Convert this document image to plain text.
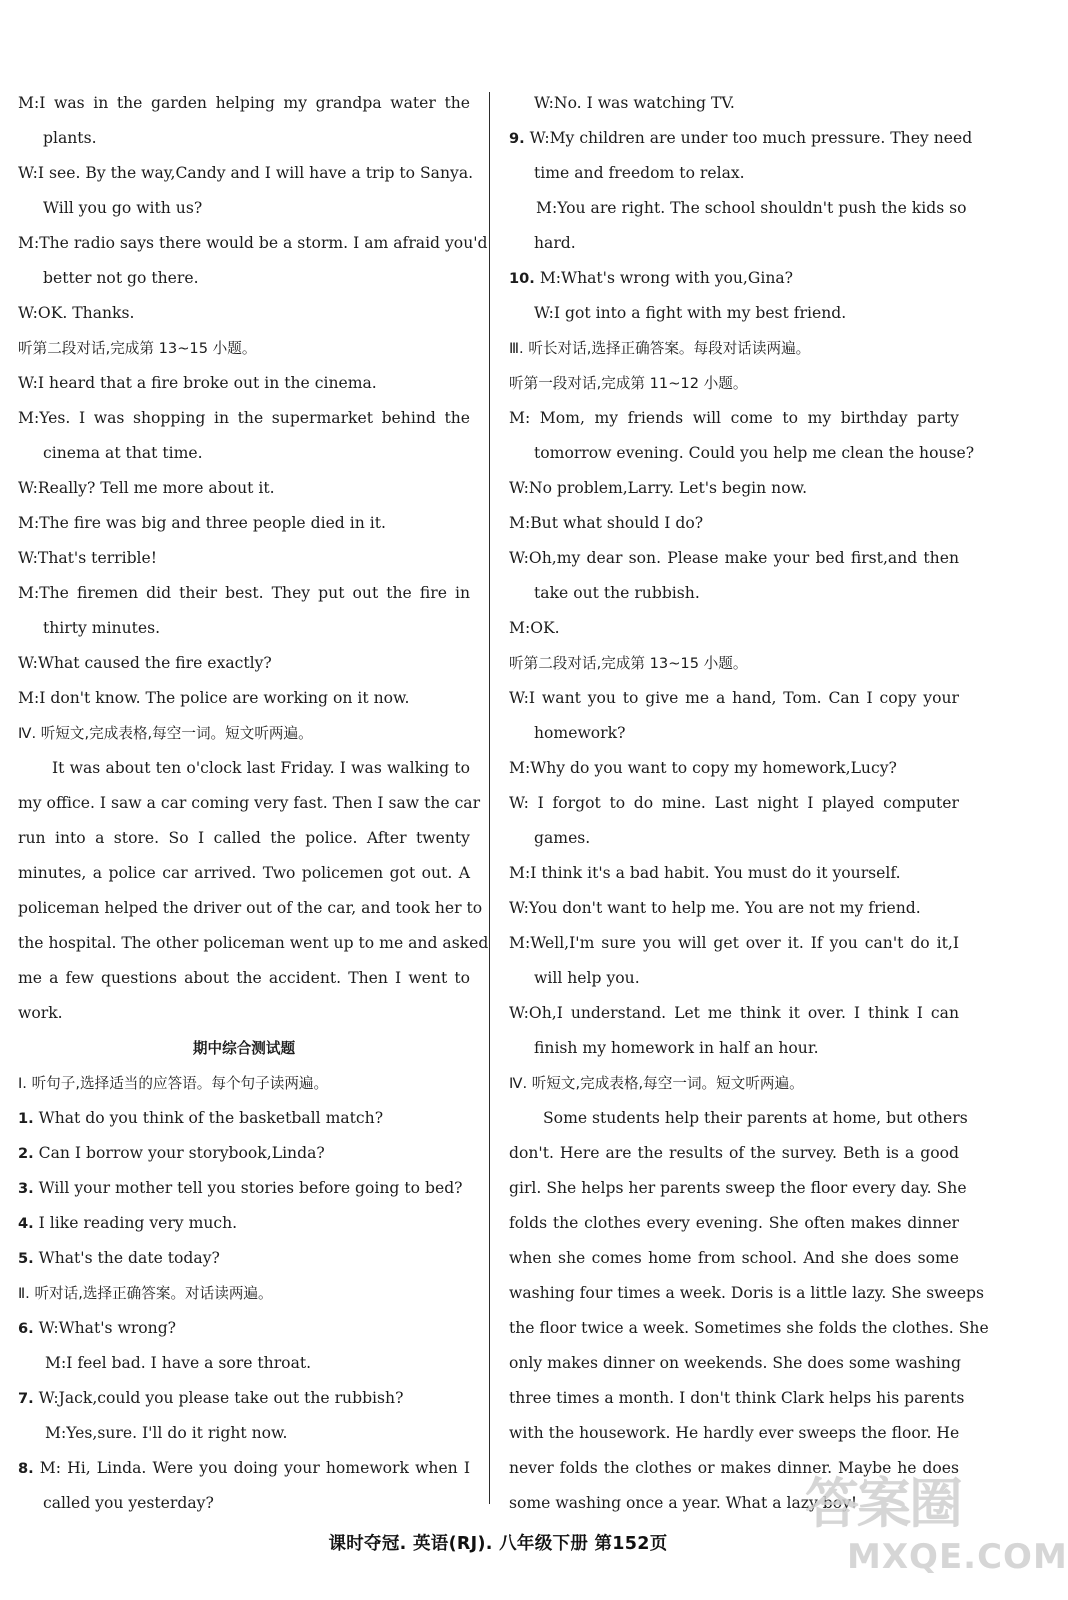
M:I was in the garden helping my grandpa water the
plants.
W:I see. By the way,Candy and I will have a trip to Sanya.
Will you go with us?
M:The radio says there would be a storm. I am afraid you'd
better not go there.
W:OK. Thanks.
听第二段对话,完成第 13~15 小题。
W:I heard that a fire broke out in the cinema.
M:Yes. I was shopping in the supermarket behind the
cinema at that time.
W:Really? Tell me more about it.
M:The fire was big and three people died in it.
W:That's terrible!
M:The firemen did their best. They put out the fire in
thirty minutes.
W:What caused the fire exactly?
M:I don't know. The police are working on it now.
Ⅳ. 听短文,完成表格,每空一词。短文听两遍。
It was about ten o'clock last Friday. I was walking to
my office. I saw a car coming very fast. Then I saw the car
run into a store. So I called the police. After twenty
minutes, a police car arrived. Two policemen got out. A
policeman helped the driver out of the car, and took her to
the hospital. The other policeman went up to me and asked
me a few questions about the accident. Then I went to
work.
期中综合测试题
Ⅰ. 听句子,选择适当的应答语。每个句子读两遍。
1. What do you think of the basketball match?
2. Can I borrow your storybook,Linda?
3. Will your mother tell you stories before going to bed?
4. I like reading very much.
5. What's the date today?
Ⅱ. 听对话,选择正确答案。对话读两遍。
6. W:What's wrong?
M:I feel bad. I have a sore throat.
7. W:Jack,could you please take out the rubbish?
M:Yes,sure. I'll do it right now.
8. M: Hi, Linda. Were you doing your homework when I
called you yesterday?
W:No. I was watching TV.
9. W:My children are under too much pressure. They need
time and freedom to relax.
M:You are right. The school shouldn't push the kids so
hard.
10. M:What's wrong with you,Gina?
W:I got into a fight with my best friend.
Ⅲ. 听长对话,选择正确答案。每段对话读两遍。
听第一段对话,完成第 11~12 小题。
M: Mom, my friends will come to my birthday party
tomorrow evening. Could you help me clean the house?
W:No problem,Larry. Let's begin now.
M:But what should I do?
W:Oh,my dear son. Please make your bed first,and then
take out the rubbish.
M:OK.
听第二段对话,完成第 13~15 小题。
W:I want you to give me a hand, Tom. Can I copy your
homework?
M:Why do you want to copy my homework,Lucy?
W: I forgot to do mine. Last night I played computer
games.
M:I think it's a bad habit. You must do it yourself.
W:You don't want to help me. You are not my friend.
M:Well,I'm sure you will get over it. If you can't do it,I
will help you.
W:Oh,I understand. Let me think it over. I think I can
finish my homework in half an hour.
Ⅳ. 听短文,完成表格,每空一词。短文听两遍。
Some students help their parents at home, but others
don't. Here are the results of the survey. Beth is a good
girl. She helps her parents sweep the floor every day. She
folds the clothes every evening. She often makes dinner
when she comes home from school. And she does some
washing four times a week. Doris is a little lazy. She sweeps
the floor twice a week. Sometimes she folds the clothes. She
only makes dinner on weekends. She does some washing
three times a month. I don't think Clark helps his parents
with the housework. He hardly ever sweeps the floor. He
never folds the clothes or makes dinner. Maybe he does
some washing once a year. What a lazy boy!
课时夺冠. 英语(RJ). 八年级下册 第152页
答案圈
MXQE.COM
